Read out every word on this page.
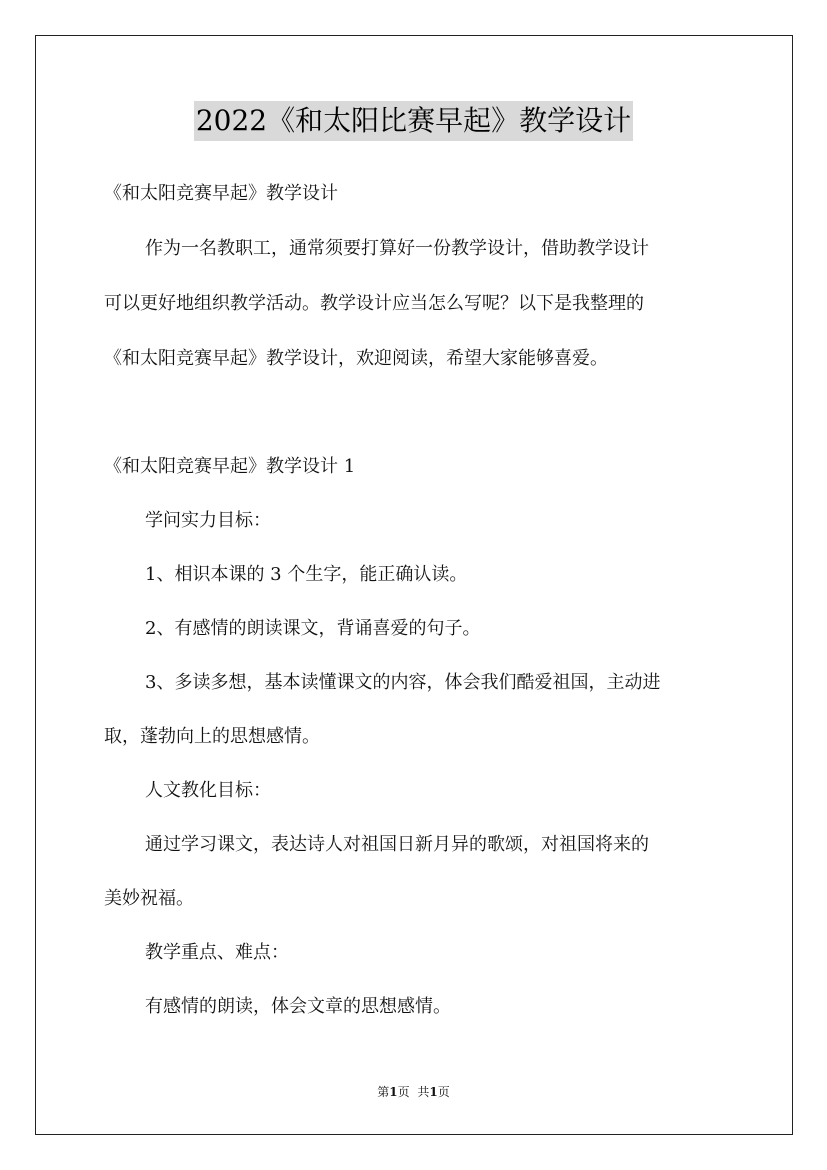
2022《和太阳比赛早起》教学设计
《和太阳竞赛早起》教学设计
作为一名教职工，通常须要打算好一份教学设计，借助教学设计
可以更好地组织教学活动。教学设计应当怎么写呢？以下是我整理的
《和太阳竞赛早起》教学设计，欢迎阅读，希望大家能够喜爱。
《和太阳竞赛早起》教学设计 1
学问实力目标：
1、相识本课的 3 个生字，能正确认读。
2、有感情的朗读课文，背诵喜爱的句子。
3、多读多想，基本读懂课文的内容，体会我们酷爱祖国，主动进
取，蓬勃向上的思想感情。
人文教化目标：
通过学习课文，表达诗人对祖国日新月异的歌颂，对祖国将来的
美妙祝福。
教学重点、难点：
有感情的朗读，体会文章的思想感情。
第1页 共1页
